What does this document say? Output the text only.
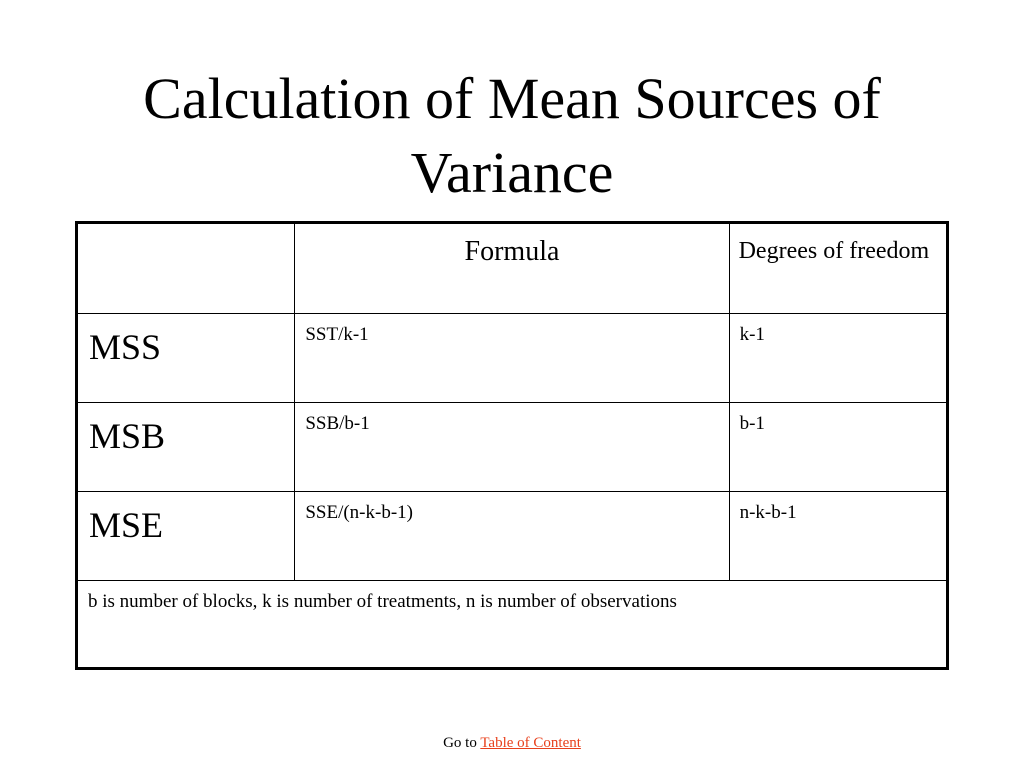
Calculation of Mean Sources of
Variance
	Formula	Degrees of freedom
MSS	SST/k-1	k-1
MSB	SSB/b-1	b-1
MSE	SSE/(n-k-b-1)	n-k-b-1
b is number of blocks, k is number of treatments, n is number of observations		
Go to Table of Content
